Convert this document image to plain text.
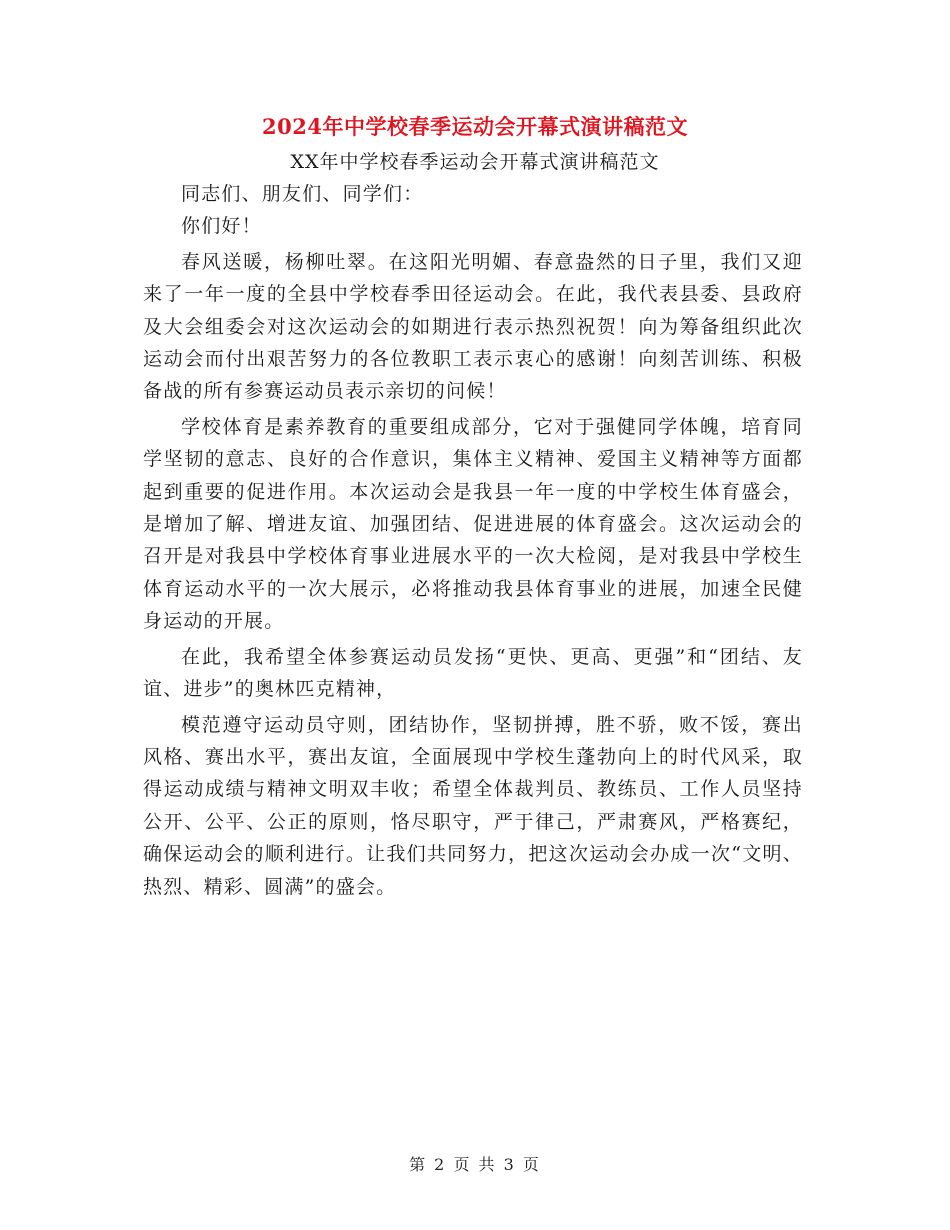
2024年中学校春季运动会开幕式演讲稿范文
XX年中学校春季运动会开幕式演讲稿范文

同志们、朋友们、同学们：

你们好！

春风送暖，杨柳吐翠。在这阳光明媚、春意盎然的日子里，我们又迎来了一年一度的全县中学校春季田径运动会。在此，我代表县委、县政府及大会组委会对这次运动会的如期进行表示热烈祝贺！向为筹备组织此次运动会而付出艰苦努力的各位教职工表示衷心的感谢！向刻苦训练、积极备战的所有参赛运动员表示亲切的问候！

学校体育是素养教育的重要组成部分，它对于强健同学体魄，培育同学坚韧的意志、良好的合作意识，集体主义精神、爱国主义精神等方面都起到重要的促进作用。本次运动会是我县一年一度的中学校生体育盛会，是增加了解、增进友谊、加强团结、促进进展的体育盛会。这次运动会的召开是对我县中学校体育事业进展水平的一次大检阅，是对我县中学校生体育运动水平的一次大展示，必将推动我县体育事业的进展，加速全民健身运动的开展。

在此，我希望全体参赛运动员发扬“更快、更高、更强”和“团结、友谊、进步”的奥林匹克精神，

模范遵守运动员守则，团结协作，坚韧拼搏，胜不骄，败不馁，赛出风格、赛出水平，赛出友谊，全面展现中学校生蓬勃向上的时代风采，取得运动成绩与精神文明双丰收；希望全体裁判员、教练员、工作人员坚持公开、公平、公正的原则，恪尽职守，严于律己，严肃赛风，严格赛纪，确保运动会的顺利进行。让我们共同努力，把这次运动会办成一次“文明、热烈、精彩、圆满”的盛会。

第 2 页 共 3 页
